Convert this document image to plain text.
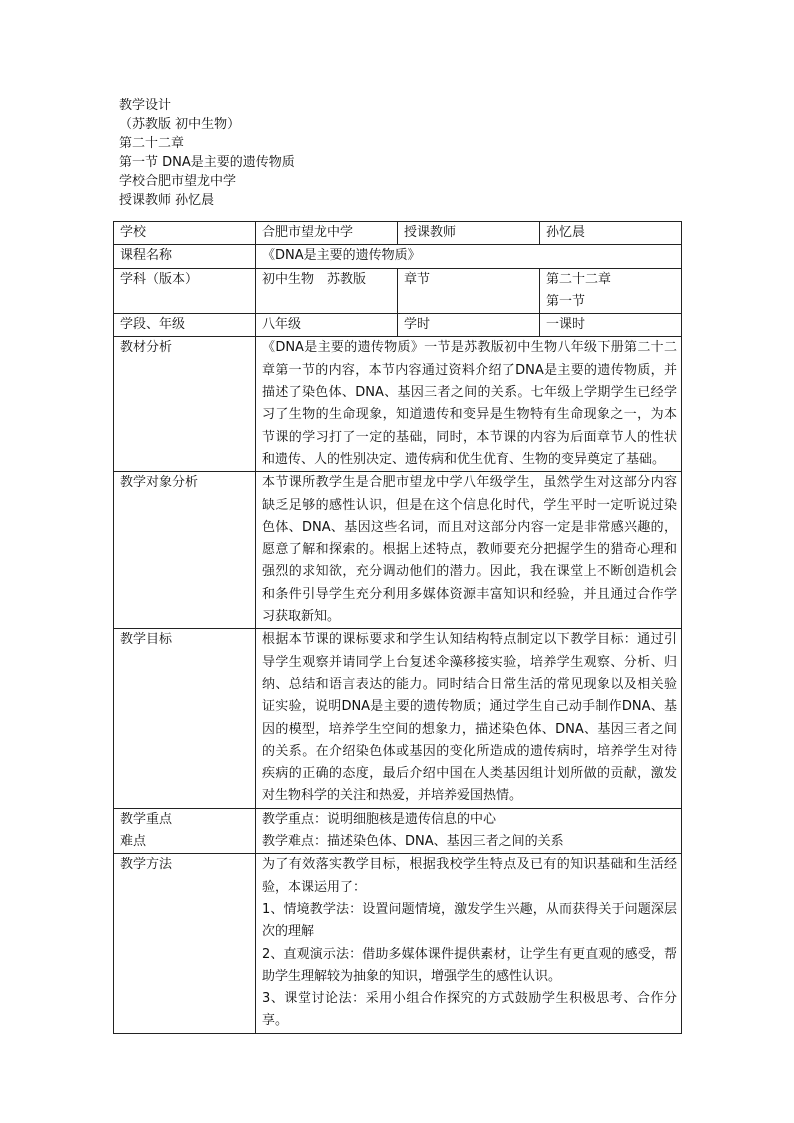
教学设计
（苏教版 初中生物）
第二十二章
第一节 DNA是主要的遗传物质
学校合肥市望龙中学
授课教师 孙忆晨
学校	合肥市望龙中学	授课教师	孙忆晨
课程名称	《DNA是主要的遗传物质》		
学科（版本）	初中生物　苏教版	章节	第二十二章
第一节

学段、年级	八年级	学时	一课时
教材分析	《DNA是主要的遗传物质》一节是苏教版初中生物八年级下册第二十二章第一节的内容，本节内容通过资料介绍了DNA是主要的遗传物质，并描述了染色体、DNA、基因三者之间的关系。七年级上学期学生已经学习了生物的生命现象，知道遗传和变异是生物特有生命现象之一，为本节课的学习打了一定的基础，同时，本节课的内容为后面章节人的性状和遗传、人的性别决定、遗传病和优生优育、生物的变异奠定了基础。		
教学对象分析	本节课所教学生是合肥市望龙中学八年级学生，虽然学生对这部分内容缺乏足够的感性认识，但是在这个信息化时代，学生平时一定听说过染色体、DNA、基因这些名词，而且对这部分内容一定是非常感兴趣的，愿意了解和探索的。根据上述特点，教师要充分把握学生的猎奇心理和强烈的求知欲，充分调动他们的潜力。因此，我在课堂上不断创造机会和条件引导学生充分利用多媒体资源丰富知识和经验，并且通过合作学习获取新知。		
教学目标	根据本节课的课标要求和学生认知结构特点制定以下教学目标：通过引导学生观察并请同学上台复述伞藻移接实验，培养学生观察、分析、归纳、总结和语言表达的能力。同时结合日常生活的常见现象以及相关验证实验，说明DNA是主要的遗传物质；通过学生自己动手制作DNA、基因的模型，培养学生空间的想象力，描述染色体、DNA、基因三者之间的关系。在介绍染色体或基因的变化所造成的遗传病时，培养学生对待疾病的正确的态度，最后介绍中国在人类基因组计划所做的贡献，激发对生物科学的关注和热爱，并培养爱国热情。		

教学重点
难点	教学重点：说明细胞核是遗传信息的中心
教学难点：描述染色体、DNA、基因三者之间的关系		

教学方法	为了有效落实教学目标，根据我校学生特点及已有的知识基础和生活经验，本课运用了：
1、情境教学法：设置问题情境，激发学生兴趣，从而获得关于问题深层次的理解
2、直观演示法：借助多媒体课件提供素材，让学生有更直观的感受，帮助学生理解较为抽象的知识，增强学生的感性认识。
3、课堂讨论法：采用小组合作探究的方式鼓励学生积极思考、合作分享。		
